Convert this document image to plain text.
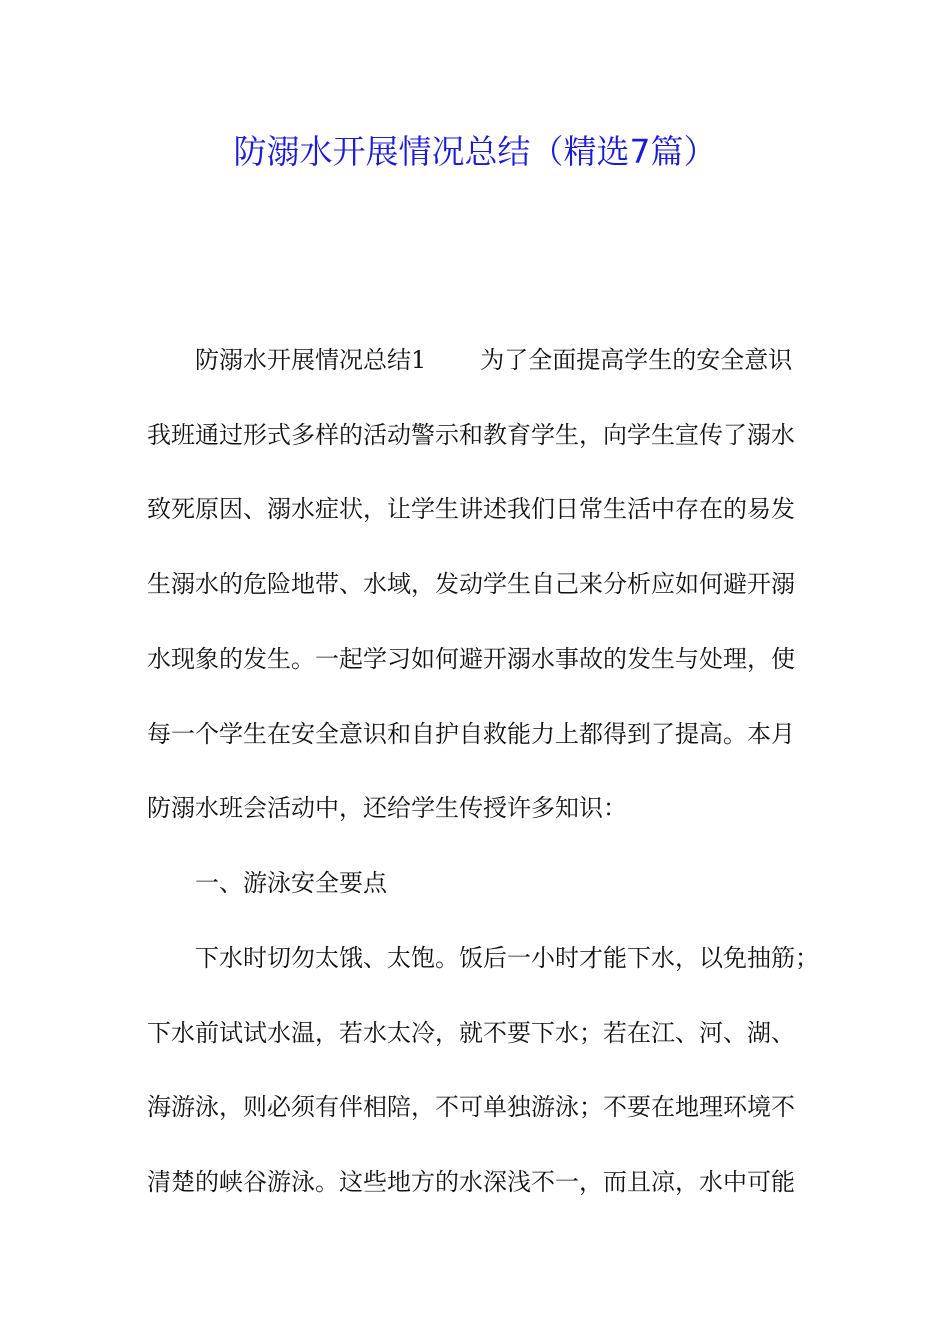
防溺水开展情况总结（精选7篇）
防溺水开展情况总结1 为了全面提高学生的安全意识
我班通过形式多样的活动警示和教育学生，向学生宣传了溺水
致死原因、溺水症状，让学生讲述我们日常生活中存在的易发
生溺水的危险地带、水域，发动学生自己来分析应如何避开溺
水现象的发生。一起学习如何避开溺水事故的发生与处理，使
每一个学生在安全意识和自护自救能力上都得到了提高。本月
防溺水班会活动中，还给学生传授许多知识：
一、游泳安全要点
下水时切勿太饿、太饱。饭后一小时才能下水，以免抽筋；
下水前试试水温，若水太冷，就不要下水；若在江、河、湖、
海游泳，则必须有伴相陪，不可单独游泳；不要在地理环境不
清楚的峡谷游泳。这些地方的水深浅不一，而且凉，水中可能
